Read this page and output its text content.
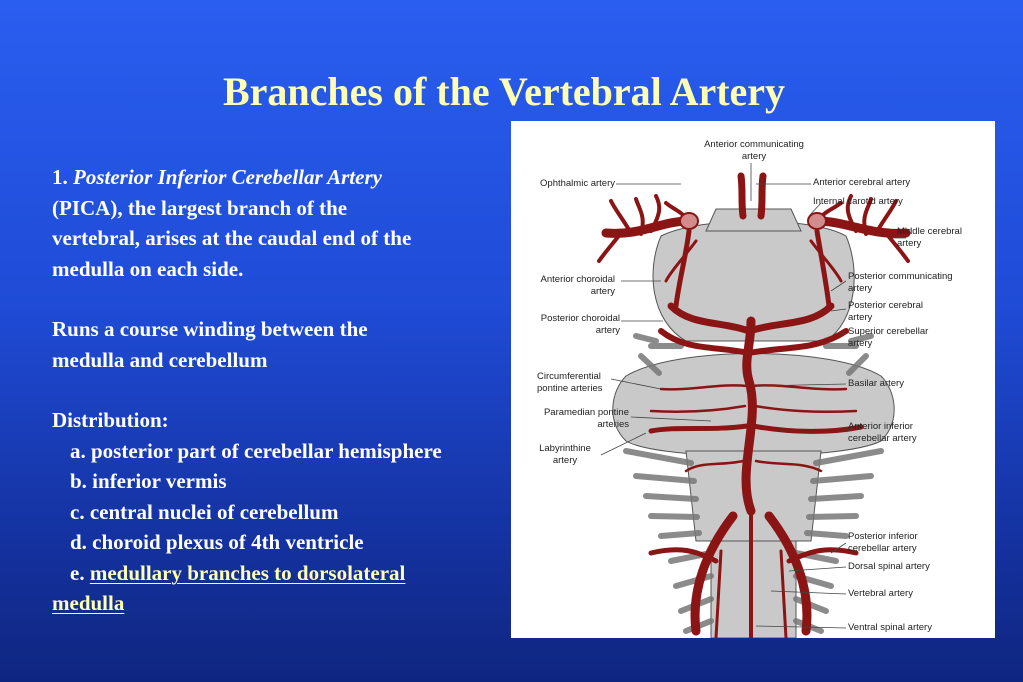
Branches of the Vertebral Artery

1. Posterior Inferior Cerebellar Artery

(PICA), the largest branch of the

vertebral, arises at the caudal end of the

medulla on each side.

Runs a course winding between the

medulla and cerebellum

Distribution:

a. posterior part of cerebellar hemisphere

b. inferior vermis

c. central nuclei of cerebellum

d. choroid plexus of 4th ventricle

e. medullary branches to dorsolateral

medulla

Anterior communicating
artery
Ophthalmic artery	Anterior cerebral artery
Internal carotid artery
Middle cerebral
artery
Anterior choroidal
artery
Posterior communicating
artery
Posterior cerebral
artery
Posterior choroidal
artery	Superior cerebellar
artery
Circumferential
pontine arteries	Basilar artery
Paramedian pontine
arteries	Anterior inferior
cerebellar artery
Labyrinthine
artery
Posterior inferior
cerebellar artery
Dorsal spinal artery
Vertebral artery
Ventral spinal artery
